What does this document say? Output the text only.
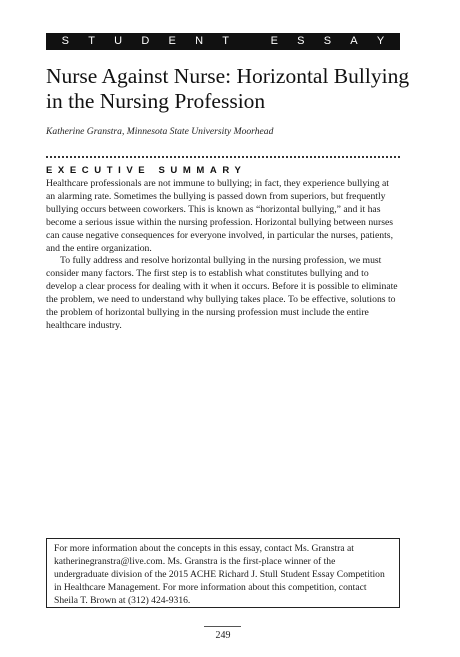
S T U D E N T
	E S S A Y
Nurse Against Nurse: Horizontal Bullying in the Nursing Profession
Katherine Granstra, Minnesota State University Moorhead
EXECUTIVE SUMMARY

Healthcare professionals are not immune to bullying; in fact, they experience bullying at an alarming rate. Sometimes the bullying is passed down from superiors, but frequently bullying occurs between coworkers. This is known as “horizontal bullying,” and it has become a serious issue within the nursing profession. Horizontal bullying between nurses can cause negative consequences for everyone involved, in particular the nurses, patients, and the entire organization.

To fully address and resolve horizontal bullying in the nursing profession, we must consider many factors. The first step is to establish what constitutes bullying and to develop a clear process for dealing with it when it occurs. Before it is possible to eliminate the problem, we need to understand why bullying takes place. To be effective, solutions to the problem of horizontal bullying in the nursing profession must include the entire healthcare industry.

For more information about the concepts in this essay, contact Ms. Granstra at katherinegranstra@live.com. Ms. Granstra is the first-place winner of the undergraduate division of the 2015 ACHE Richard J. Stull Student Essay Competition in Healthcare Management. For more information about this competition, contact Sheila T. Brown at (312) 424-9316.
249
